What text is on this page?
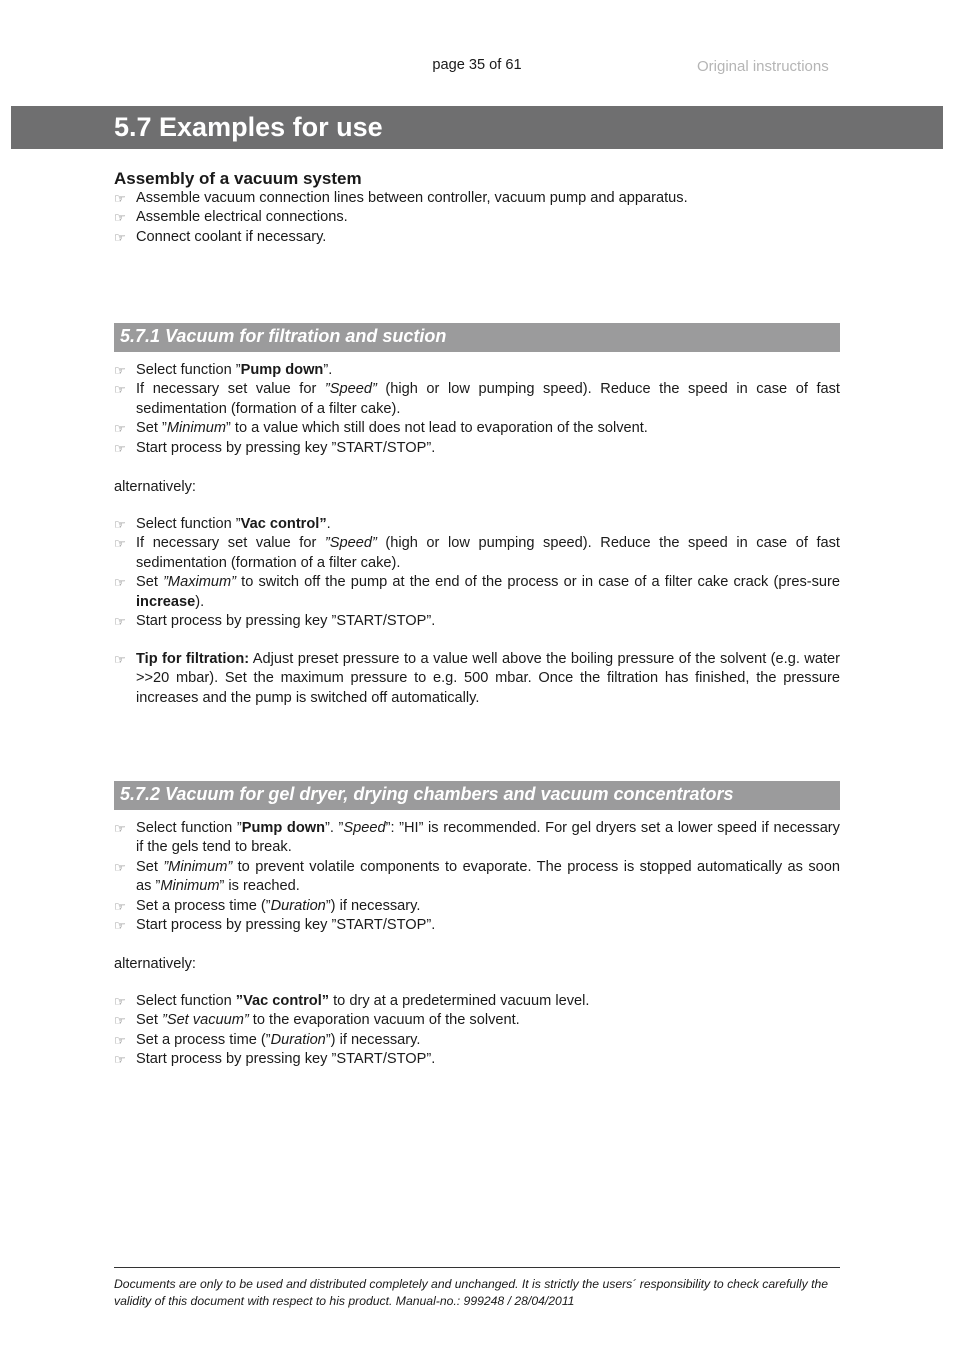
page 35 of 61	Original instructions
5.7 Examples for use
Assembly of a vacuum system
☞ Assemble vacuum connection lines between controller, vacuum pump and apparatus.
☞ Assemble electrical connections.
☞ Connect coolant if necessary.
5.7.1 Vacuum for filtration and suction
☞ Select function ”Pump down”.
☞ If necessary set value for ”Speed” (high or low pumping speed). Reduce the speed in case of fast sedimentation (formation of a filter cake).
☞ Set ”Minimum” to a value which still does not lead to evaporation of the solvent.
☞ Start process by pressing key ”START/STOP”.
alternatively:
☞ Select function ”Vac control”.
☞ If necessary set value for ”Speed” (high or low pumping speed). Reduce the speed in case of fast sedimentation (formation of a filter cake).
☞ Set ”Maximum” to switch off the pump at the end of the process or in case of a filter cake crack (pres-sure increase).
☞ Start process by pressing key ”START/STOP”.
☞ Tip for filtration: Adjust preset pressure to a value well above the boiling pressure of the solvent (e.g. water >>20 mbar). Set the maximum pressure to e.g. 500 mbar. Once the filtration has finished, the pressure increases and the pump is switched off automatically.
5.7.2 Vacuum for gel dryer, drying chambers and vacuum concentrators
☞ Select function ”Pump down”. ”Speed”: ”HI” is recommended. For gel dryers set a lower speed if necessary if the gels tend to break.
☞ Set ”Minimum” to prevent volatile components to evaporate. The process is stopped automatically as soon as ”Minimum” is reached.
☞ Set a process time (”Duration”) if necessary.
☞ Start process by pressing key ”START/STOP”.
alternatively:
☞ Select function ”Vac control” to dry at a predetermined vacuum level.
☞ Set ”Set vacuum” to the evaporation vacuum of the solvent.
☞ Set a process time (”Duration”) if necessary.
☞ Start process by pressing key ”START/STOP”.
Documents are only to be used and distributed completely and unchanged. It is strictly the users´ responsibility to check carefully the validity of this document with respect to his product. Manual-no.: 999248 / 28/04/2011
